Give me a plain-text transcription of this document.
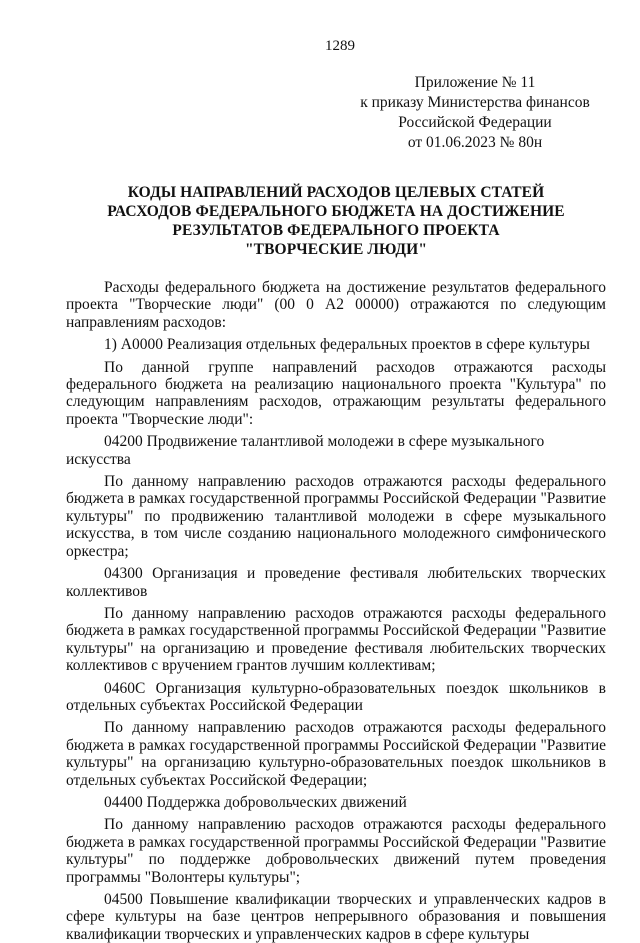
1289
Приложение № 11
к приказу Министерства финансов
Российской Федерации
от 01.06.2023 № 80н
КОДЫ НАПРАВЛЕНИЙ РАСХОДОВ ЦЕЛЕВЫХ СТАТЕЙ
РАСХОДОВ ФЕДЕРАЛЬНОГО БЮДЖЕТА НА ДОСТИЖЕНИЕ
РЕЗУЛЬТАТОВ ФЕДЕРАЛЬНОГО ПРОЕКТА
"ТВОРЧЕСКИЕ ЛЮДИ"

Расходы федерального бюджета на достижение результатов федерального проекта "Творческие люди" (00 0 А2 00000) отражаются по следующим направлениям расходов:

1) А0000 Реализация отдельных федеральных проектов в сфере культуры

По данной группе направлений расходов отражаются расходы федерального бюджета на реализацию национального проекта "Культура" по следующим направлениям расходов, отражающим результаты федерального проекта "Творческие люди":

04200 Продвижение талантливой молодежи в сфере музыкального искусства

По данному направлению расходов отражаются расходы федерального бюджета в рамках государственной программы Российской Федерации "Развитие культуры" по продвижению талантливой молодежи в сфере музыкального искусства, в том числе созданию национального молодежного симфонического оркестра;

04300 Организация и проведение фестиваля любительских творческих коллективов

По данному направлению расходов отражаются расходы федерального бюджета в рамках государственной программы Российской Федерации "Развитие культуры" на организацию и проведение фестиваля любительских творческих коллективов с вручением грантов лучшим коллективам;

0460С Организация культурно-образовательных поездок школьников в отдельных субъектах Российской Федерации

По данному направлению расходов отражаются расходы федерального бюджета в рамках государственной программы Российской Федерации "Развитие культуры" на организацию культурно-образовательных поездок школьников в отдельных субъектах Российской Федерации;

04400 Поддержка добровольческих движений

По данному направлению расходов отражаются расходы федерального бюджета в рамках государственной программы Российской Федерации "Развитие культуры" по поддержке добровольческих движений путем проведения программы "Волонтеры культуры";

04500 Повышение квалификации творческих и управленческих кадров в сфере культуры на базе центров непрерывного образования и повышения квалификации творческих и управленческих кадров в сфере культуры
